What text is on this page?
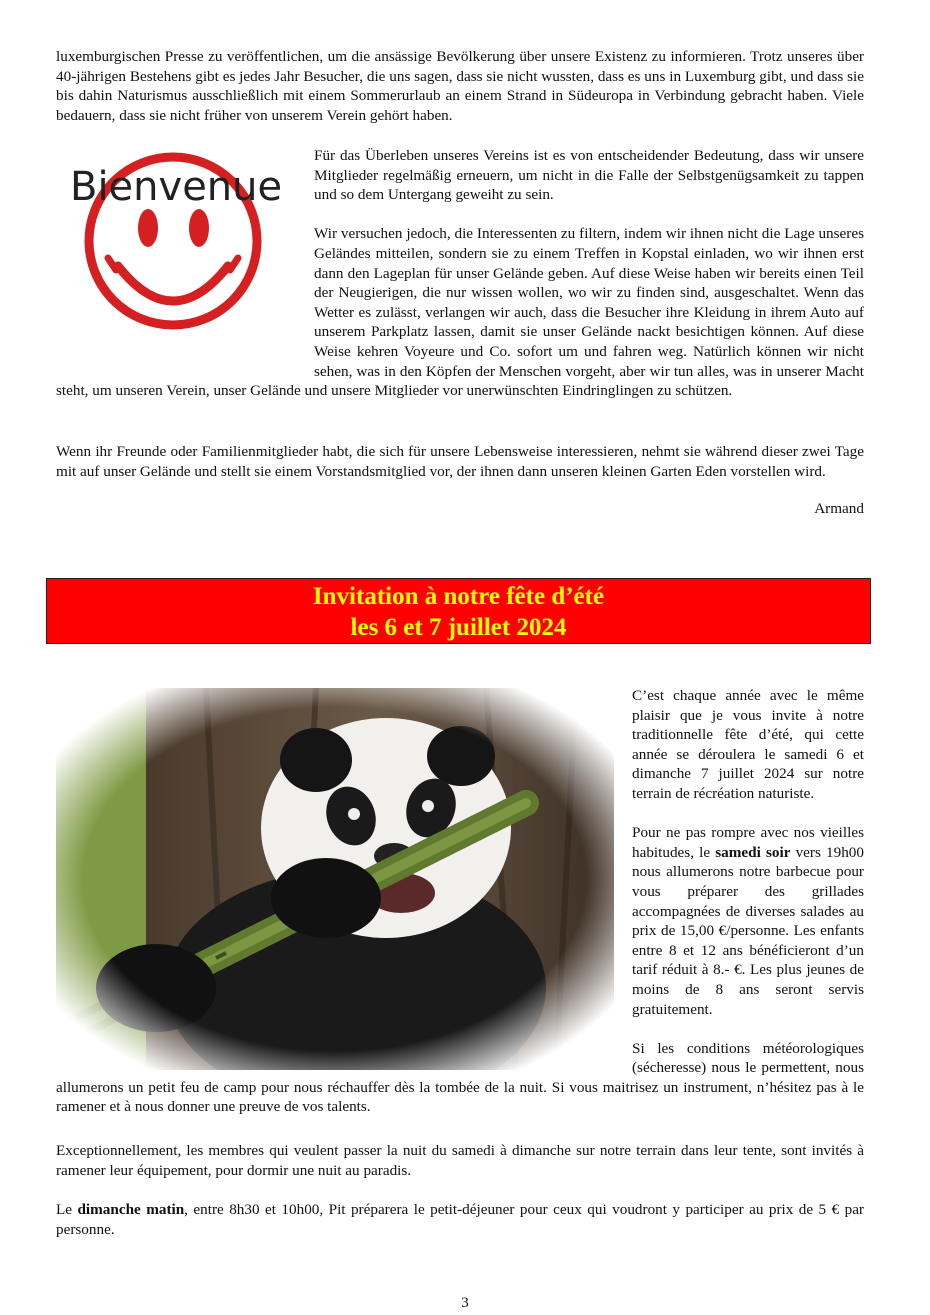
luxemburgischen Presse zu veröffentlichen, um die ansässige Bevölkerung über unsere Existenz zu informieren. Trotz unseres über 40-jährigen Bestehens gibt es jedes Jahr Besucher, die uns sagen, dass sie nicht wussten, dass es uns in Luxemburg gibt, und dass sie bis dahin Naturismus ausschließlich mit einem Sommerurlaub an einem Strand in Südeuropa in Verbindung gebracht haben. Viele bedauern, dass sie nicht früher von unserem Verein gehört haben.

Bienvenue

Für das Überleben unseres Vereins ist es von entscheidender Bedeutung, dass wir unsere Mitglieder regelmäßig erneuern, um nicht in die Falle der Selbstgenügsamkeit zu tappen und so dem Untergang geweiht zu sein.

Wir versuchen jedoch, die Interessenten zu filtern, indem wir ihnen nicht die Lage unseres Geländes mitteilen, sondern sie zu einem Treffen in Kopstal einladen, wo wir ihnen erst dann den Lageplan für unser Gelände geben. Auf diese Weise haben wir bereits einen Teil der Neugierigen, die nur wissen wollen, wo wir zu finden sind, ausgeschaltet. Wenn das Wetter es zulässt, verlangen wir auch, dass die Besucher ihre Kleidung in ihrem Auto auf unserem Parkplatz lassen, damit sie unser Gelände nackt besichtigen können. Auf diese Weise kehren Voyeure und Co. sofort um und fahren weg. Natürlich können wir nicht sehen, was in den Köpfen der Menschen vorgeht, aber wir tun alles, was in unserer Macht steht, um unseren Verein, unser Gelände und unsere Mitglieder vor unerwünschten Eindringlingen zu schützen.

Wenn ihr Freunde oder Familienmitglieder habt, die sich für unsere Lebensweise interessieren, nehmt sie während dieser zwei Tage mit auf unser Gelände und stellt sie einem Vorstandsmitglied vor, der ihnen dann unseren kleinen Garten Eden vorstellen wird.

Armand
Invitation à notre fête d’été
les 6 et 7 juillet 2024

C’est chaque année avec le même plaisir que je vous invite à notre traditionnelle fête d’été, qui cette année se déroulera le samedi 6 et dimanche 7 juillet 2024 sur notre terrain de récréation naturiste.

Pour ne pas rompre avec nos vieilles habitudes, le samedi soir vers 19h00 nous allumerons notre barbecue pour vous préparer des grillades accompagnées de diverses salades au prix de 15,00 €/personne. Les enfants entre 8 et 12 ans bénéficieront d’un tarif réduit à 8.- €. Les plus jeunes de moins de 8 ans seront servis gratuitement.

Si les conditions météorologiques (sécheresse) nous le permettent, nous allumerons un petit feu de camp pour nous réchauffer dès la tombée de la nuit. Si vous maitrisez un instrument, n’hésitez pas à le ramener et à nous donner une preuve de vos talents.

Exceptionnellement, les membres qui veulent passer la nuit du samedi à dimanche sur notre terrain dans leur tente, sont invités à ramener leur équipement, pour dormir une nuit au paradis.

Le dimanche matin, entre 8h30 et 10h00, Pit préparera le petit-déjeuner pour ceux qui voudront y participer au prix de 5 € par personne.

3
